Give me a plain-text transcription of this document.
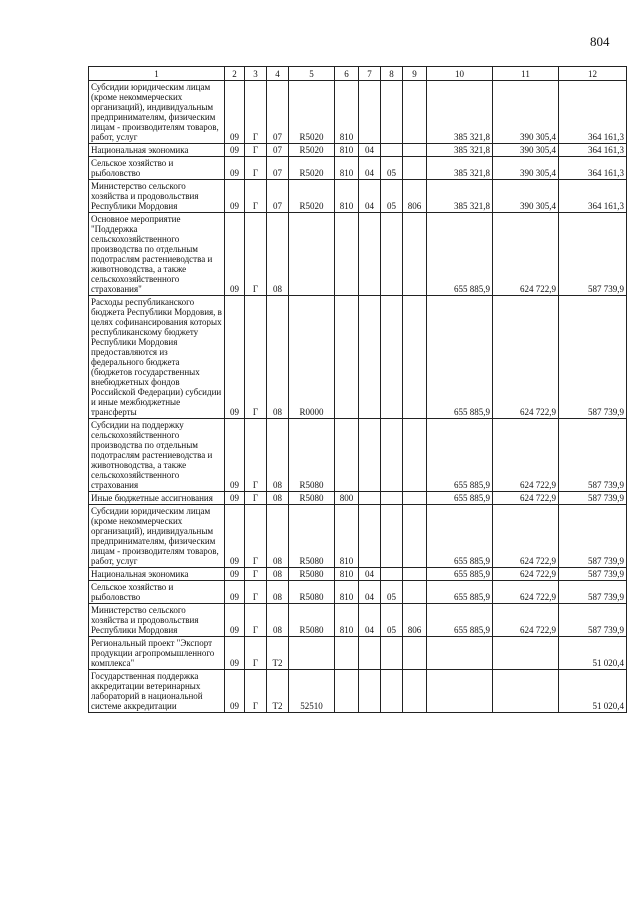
804
1	2	3	4	5	6	7	8	9	10	11	12
Субсидии юридическим лицам (кроме некоммерческих организаций), индивидуальным предпринимателям, физическим лицам - производителям товаров, работ, услуг	09	Г	07	R5020	810				385 321,8	390 305,4	364 161,3
Национальная экономика	09	Г	07	R5020	810	04			385 321,8	390 305,4	364 161,3
Сельское хозяйство и рыболовство	09	Г	07	R5020	810	04	05		385 321,8	390 305,4	364 161,3
Министерство сельского хозяйства и продовольствия Республики Мордовия	09	Г	07	R5020	810	04	05	806	385 321,8	390 305,4	364 161,3
Основное мероприятие "Поддержка сельскохозяйственного производства по отдельным подотраслям растениеводства и животноводства, а также сельскохозяйственного страхования"	09	Г	08						655 885,9	624 722,9	587 739,9
Расходы республиканского бюджета Республики Мордовия, в целях софинансирования которых республиканскому бюджету Республики Мордовия предоставляются из федерального бюджета (бюджетов государственных внебюджетных фондов Российской Федерации) субсидии и иные межбюджетные трансферты	09	Г	08	R0000					655 885,9	624 722,9	587 739,9
Субсидии на поддержку сельскохозяйственного производства по отдельным подотраслям растениеводства и животноводства, а также сельскохозяйственного страхования	09	Г	08	R5080					655 885,9	624 722,9	587 739,9
Иные бюджетные ассигнования	09	Г	08	R5080	800				655 885,9	624 722,9	587 739,9
Субсидии юридическим лицам (кроме некоммерческих организаций), индивидуальным предпринимателям, физическим лицам - производителям товаров, работ, услуг	09	Г	08	R5080	810				655 885,9	624 722,9	587 739,9
Национальная экономика	09	Г	08	R5080	810	04			655 885,9	624 722,9	587 739,9
Сельское хозяйство и рыболовство	09	Г	08	R5080	810	04	05		655 885,9	624 722,9	587 739,9
Министерство сельского хозяйства и продовольствия Республики Мордовия	09	Г	08	R5080	810	04	05	806	655 885,9	624 722,9	587 739,9
Региональный проект "Экспорт продукции агропромышленного комплекса"	09	Г	T2								51 020,4
Государственная поддержка аккредитации ветеринарных лабораторий в национальной системе аккредитации	09	Г	T2	52510							51 020,4
